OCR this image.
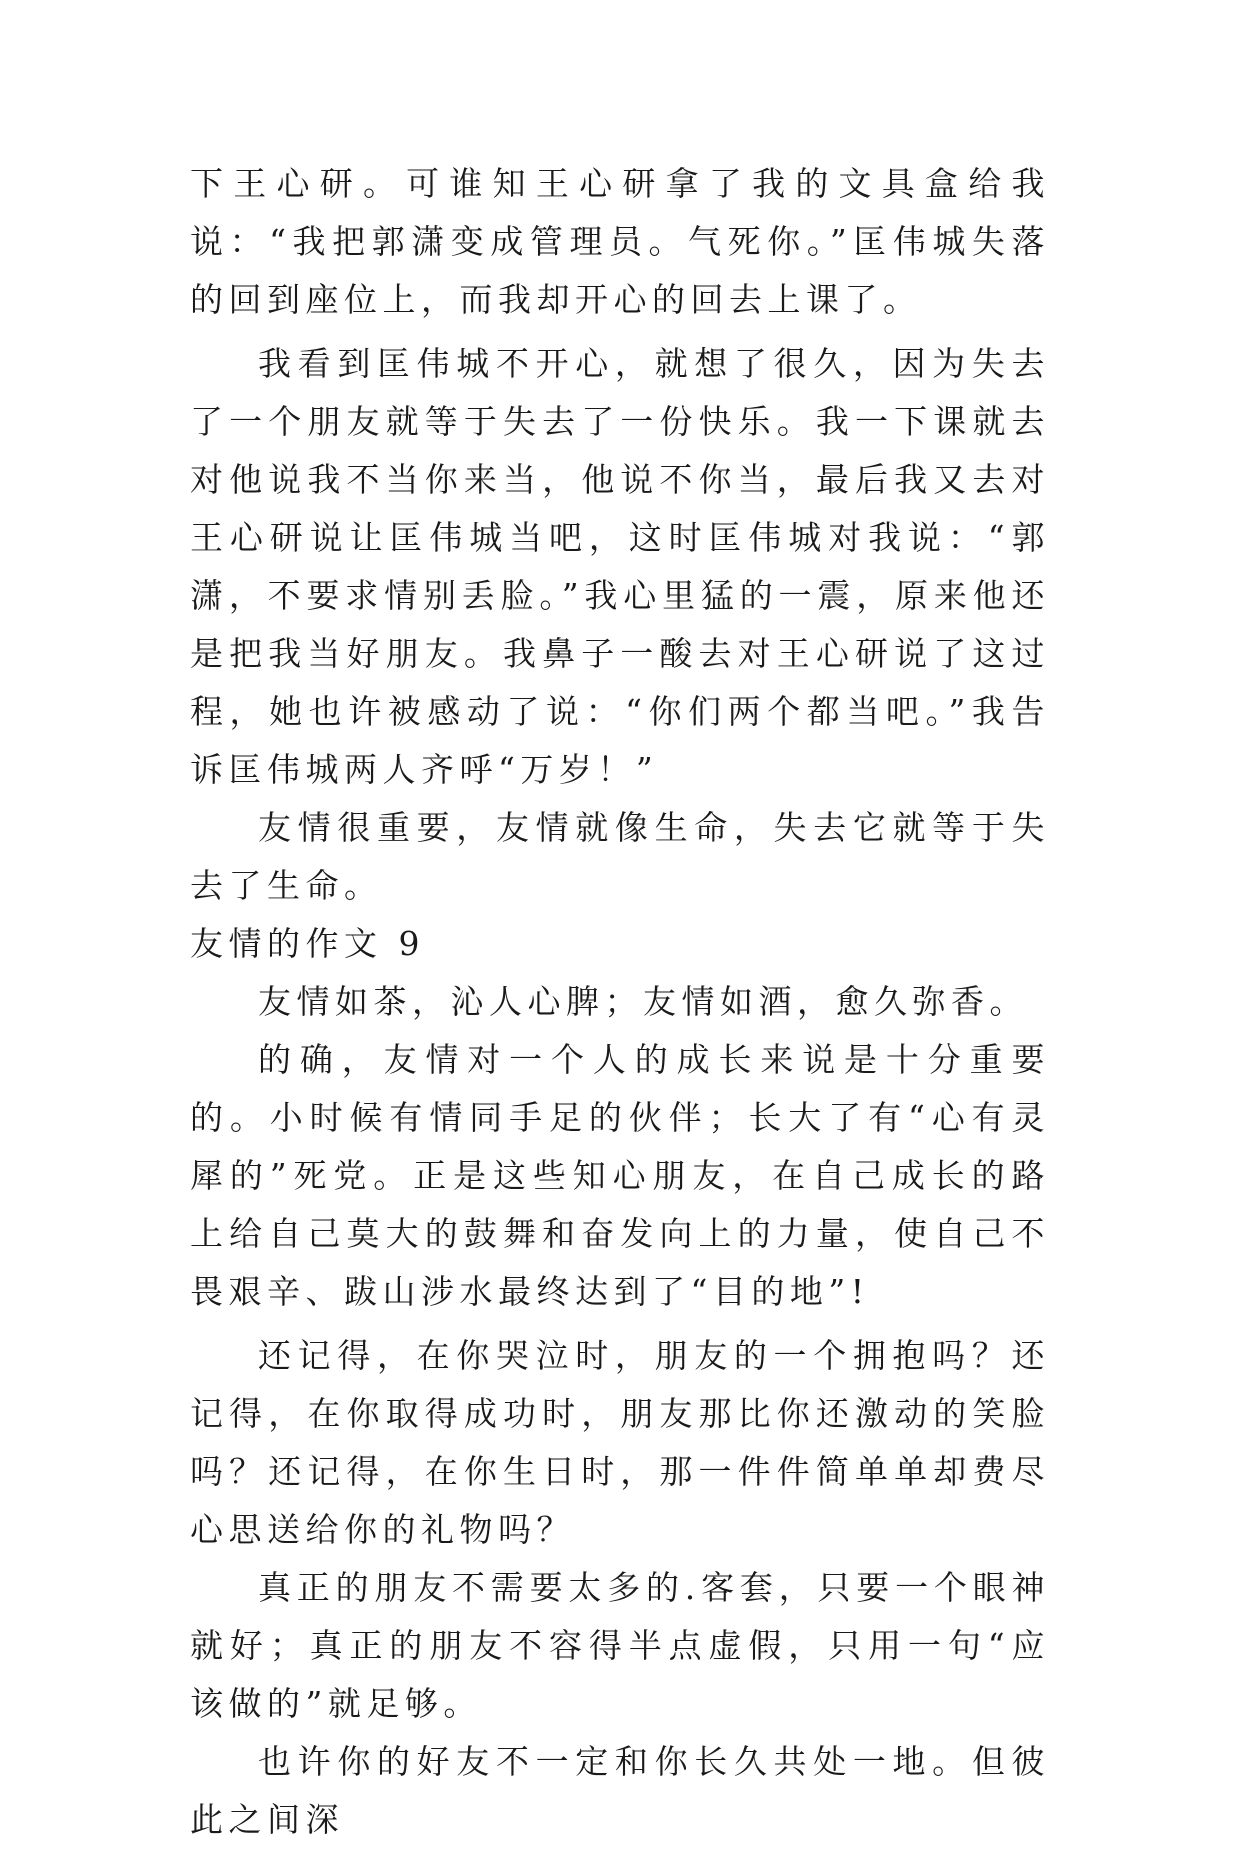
下王心研。可谁知王心研拿了我的文具盒给我说：“我把郭潇变成管理员。气死你。”匡伟城失落的回到座位上，而我却开心的回去上课了。

我看到匡伟城不开心，就想了很久，因为失去了一个朋友就等于失去了一份快乐。我一下课就去对他说我不当你来当，他说不你当，最后我又去对王心研说让匡伟城当吧，这时匡伟城对我说：“郭潇，不要求情别丢脸。”我心里猛的一震，原来他还是把我当好朋友。我鼻子一酸去对王心研说了这过程，她也许被感动了说：“你们两个都当吧。”我告诉匡伟城两人齐呼“万岁！”

友情很重要，友情就像生命，失去它就等于失去了生命。

友情的作文 9

友情如茶，沁人心脾；友情如酒，愈久弥香。

的确，友情对一个人的成长来说是十分重要的。小时候有情同手足的伙伴；长大了有“心有灵犀的”死党。正是这些知心朋友，在自己成长的路上给自己莫大的鼓舞和奋发向上的力量，使自己不畏艰辛、跋山涉水最终达到了“目的地”!

还记得，在你哭泣时，朋友的一个拥抱吗？还记得，在你取得成功时，朋友那比你还激动的笑脸吗？还记得，在你生日时，那一件件简单单却费尽心思送给你的礼物吗？

真正的朋友不需要太多的.客套，只要一个眼神就好；真正的朋友不容得半点虚假，只用一句“应该做的”就足够。

也许你的好友不一定和你长久共处一地。但彼此之间深
